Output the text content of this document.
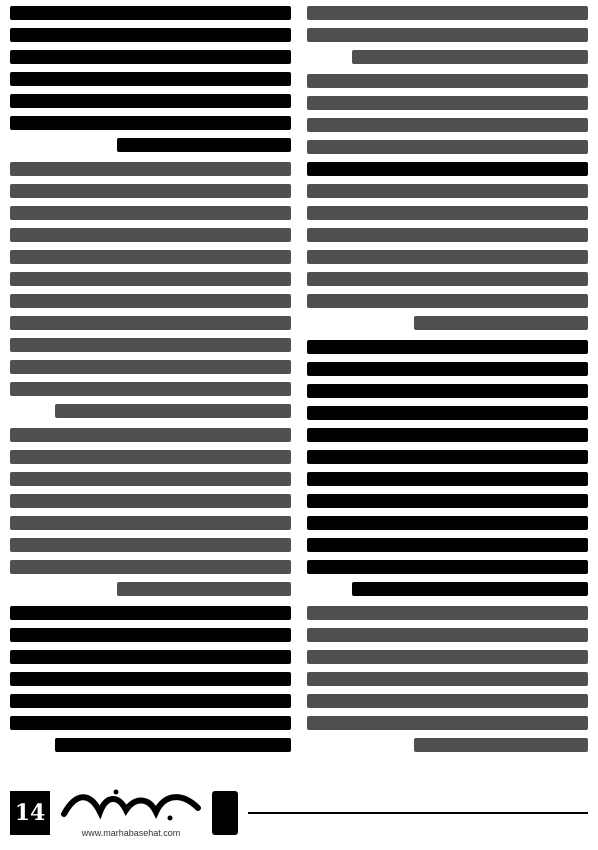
14
www.marhabasehat.com
